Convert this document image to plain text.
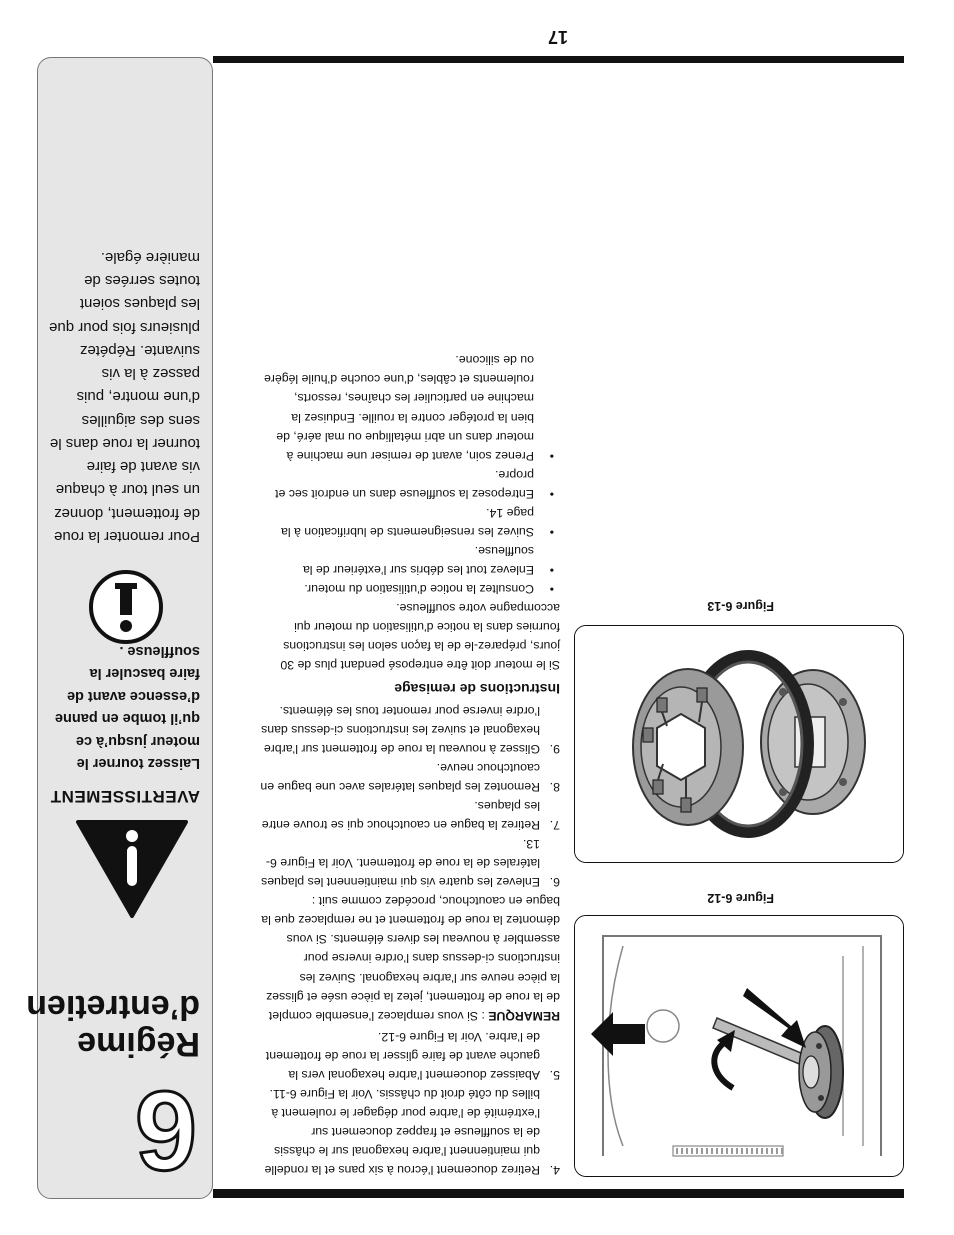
17
6
Régime d’entretien
AVERTISSEMENT
Laissez tourner le moteur jusqu’à ce qu’il tombe en panne d’essence avant de faire basculer la souffleuse .
Pour remonter la roue de frottement, donnez un seul tour à chaque vis avant de faire tourner la roue dans le sens des aiguilles d’une montre, puis passez à la vis suivante. Répétez plusieurs fois pour que les plaques soient toutes serrées de manière égale.
Figure 6-12
Figure 6-13
4.
Retirez doucement l’écrou à six pans et la rondelle qui maintiennent l’arbre hexagonal sur le châssis de la souffleuse et frappez doucement sur l’extrémité de l’arbre pour dégager le roulement à billes du côté droit du châssis. Voir la Figure 6-11.
5.
Abaissez doucement l’arbre hexagonal vers la gauche avant de faire glisser la roue de frottement de l’arbre. Voir la Figure 6-12.

REMARQUE : Si vous remplacez l’ensemble complet de la roue de frottement, jetez la pièce usée et glissez la pièce neuve sur l’arbre hexagonal. Suivez les instructions ci-dessus dans l’ordre inverse pour assembler à nouveau les divers éléments. Si vous démontez la roue de frottement et ne remplacez que la bague en caoutchouc, procédez comme suit :

6.
Enlevez les quatre vis qui maintiennent les plaques latérales de la roue de frottement. Voir la Figure 6-13.
7.
Retirez la bague en caoutchouc qui se trouve entre les plaques.
8.
Remontez les plaques latérales avec une bague en caoutchouc neuve.
9.
Glissez à nouveau la roue de frottement sur l’arbre hexagonal et suivez les instructions ci-dessus dans l’ordre inverse pour remonter tous les éléments.
Instructions de remisage
Si le moteur doit être entreposé pendant plus de 30 jours, préparez-le de la façon selon les instructions fournies dans la notice d’utilisation du moteur qui accompagne votre souffleuse.
•
Consultez la notice d’utilisation du moteur.
•
Enlevez tout les débris sur l’extérieur de la souffleuse.
•
Suivez les renseignements de lubrification à la page 14.
•
Entreposez la souffleuse dans un endroit sec et propre.
•
Prenez soin, avant de remiser une machine à moteur dans un abri métallique ou mal aéré, de bien la protéger contre la rouille. Enduisez la machine en particulier les chaînes, ressorts, roulements et câbles, d’une couche d’huile légère ou de silicone.
